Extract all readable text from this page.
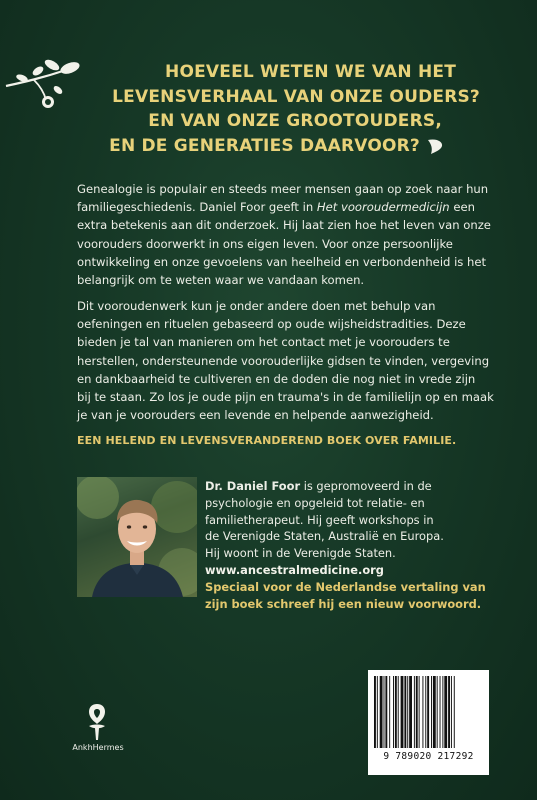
HOEVEEL WETEN WE VAN HET
LEVENSVERHAAL VAN ONZE OUDERS?
EN VAN ONZE GROOTOUDERS,
EN DE GENERATIES DAARVOOR?
Genealogie is populair en steeds meer mensen gaan op zoek naar hun
familiegeschiedenis. Daniel Foor geeft in Het vooroudermedicijn een
extra betekenis aan dit onderzoek. Hij laat zien hoe het leven van onze
voorouders doorwerkt in ons eigen leven. Voor onze persoonlijke
ontwikkeling en onze gevoelens van heelheid en verbondenheid is het
belangrijk om te weten waar we vandaan komen.
Dit vooroudenwerk kun je onder andere doen met behulp van
oefeningen en rituelen gebaseerd op oude wijsheidstradities. Deze
bieden je tal van manieren om het contact met je voorouders te
herstellen, ondersteunende voorouderlijke gidsen te vinden, vergeving
en dankbaarheid te cultiveren en de doden die nog niet in vrede zijn
bij te staan. Zo los je oude pijn en trauma's in de familielijn op en maak
je van je voorouders een levende en helpende aanwezigheid.
EEN HELEND EN LEVENSVERANDEREND BOEK OVER FAMILIE.
Dr. Daniel Foor is gepromoveerd in de
psychologie en opgeleid tot relatie- en
familietherapeut. Hij geeft workshops in
de Verenigde Staten, Australië en Europa.
Hij woont in de Verenigde Staten.
www.ancestralmedicine.org
Speciaal voor de Nederlandse vertaling van
zijn boek schreef hij een nieuw voorwoord.
AnkhHermes
9 789020 217292
